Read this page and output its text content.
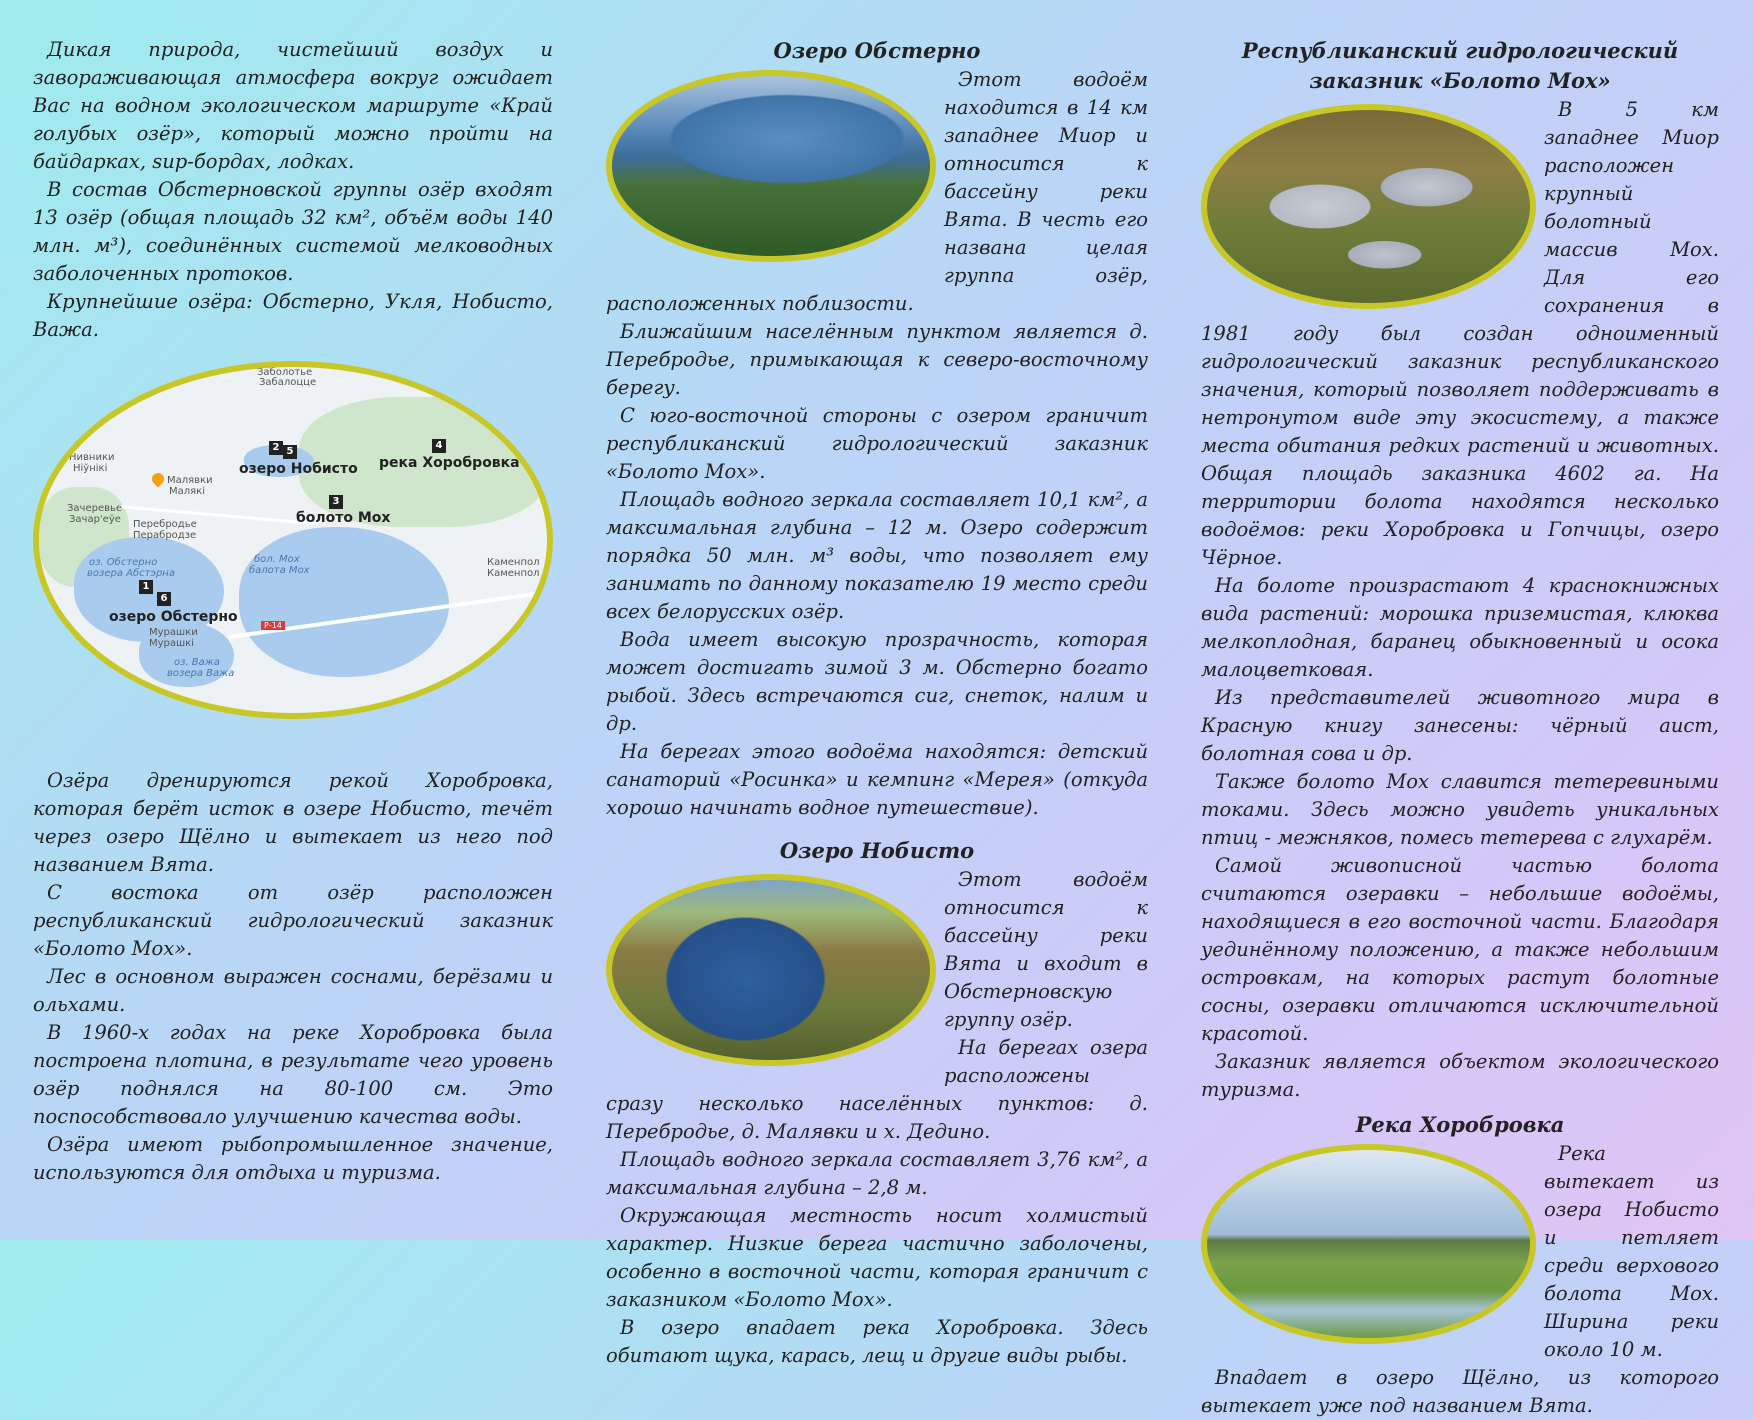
Дикая природа, чистейший воздух и завораживающая атмосфера вокруг ожидает Вас на водном экологическом маршруте «Край голубых озёр», который можно пройти на байдарках, sup-бордах, лодках.

В состав Обстерновской группы озёр входят 13 озёр (общая площадь 32 км², объём воды 140 млн. м³), соединённых системой мелководных заболоченных протоков.

Крупнейшие озёра: Обстерно, Укля, Нобисто, Важа.

Заболотье
Забалоцце
Нивники
Ніўнікі
Малявки
Малякі
Зачеревье
Зачар'еўе Перебродье
Перабродзе
оз. Обстерно
возера Абстэрна
бол. Мох
балота Мох
Мурашки
Мурашкі
оз. Важа
возера Важа
Каменпол
Каменпол
Р-14
2 5
озеро Нобисто
4
река Хоробровка
3
болото Мох
1
6
озеро Обстерно

Озёра дренируются рекой Хоробровка, которая берёт исток в озере Нобисто, течёт через озеро Щёлно и вытекает из него под названием Вята.

С востока от озёр расположен республиканский гидрологический заказник «Болото Мох».

Лес в основном выражен соснами, берёзами и ольхами.

В 1960-х годах на реке Хоробровка была построена плотина, в результате чего уровень озёр поднялся на 80-100 см. Это поспособствовало улучшению качества воды.

Озёра имеют рыбопромышленное значение, используются для отдыха и туризма.

Озеро Обстерно

Этот водоём находится в 14 км западнее Миор и относится к бассейну реки Вята. В честь его названа целая группа озёр, расположенных поблизости.

Ближайшим населённым пунктом является д. Перебродье, примыкающая к северо-восточному берегу.

С юго-восточной стороны с озером граничит республиканский гидрологический заказник «Болото Мох».

Площадь водного зеркала составляет 10,1 км², а максимальная глубина – 12 м. Озеро содержит порядка 50 млн. м³ воды, что позволяет ему занимать по данному показателю 19 место среди всех белорусских озёр.

Вода имеет высокую прозрачность, которая может достигать зимой 3 м. Обстерно богато рыбой. Здесь встречаются сиг, снеток, налим и др.

На берегах этого водоёма находятся: детский санаторий «Росинка» и кемпинг «Мерея» (откуда хорошо начинать водное путешествие).

Озеро Нобисто

Этот водоём относится к бассейну реки Вята и входит в Обстерновскую группу озёр.

На берегах озера расположены сразу несколько населённых пунктов: д. Перебродье, д. Малявки и х. Дедино.

Площадь водного зеркала составляет 3,76 км², а максимальная глубина – 2,8 м.

Окружающая местность носит холмистый характер. Низкие берега частично заболочены, особенно в восточной части, которая граничит с заказником «Болото Мох».

В озеро впадает река Хоробровка. Здесь обитают щука, карась, лещ и другие виды рыбы.

Республиканский гидрологический заказник «Болото Мох»

В 5 км западнее Миор расположен крупный болотный массив Мох. Для его сохранения в 1981 году был создан одноименный гидрологический заказник республиканского значения, который позволяет поддерживать в нетронутом виде эту экосистему, а также места обитания редких растений и животных. Общая площадь заказника 4602 га. На территории болота находятся несколько водоёмов: реки Хоробровка и Гопчицы, озеро Чёрное.

На болоте произрастают 4 краснокнижных вида растений: морошка приземистая, клюква мелкоплодная, баранец обыкновенный и осока малоцветковая.

Из представителей животного мира в Красную книгу занесены: чёрный аист, болотная сова и др.

Также болото Мох славится тетеревиными токами. Здесь можно увидеть уникальных птиц - межняков, помесь тетерева с глухарём.

Самой живописной частью болота считаются озеравки – небольшие водоёмы, находящиеся в его восточной части. Благодаря уединённому положению, а также небольшим островкам, на которых растут болотные сосны, озеравки отличаются исключительной красотой.

Заказник является объектом экологического туризма.

Река Хоробровка

Река вытекает из озера Нобисто и петляет среди верхового болота Мох. Ширина реки около 10 м.

Впадает в озеро Щёлно, из которого вытекает уже под названием Вята.
